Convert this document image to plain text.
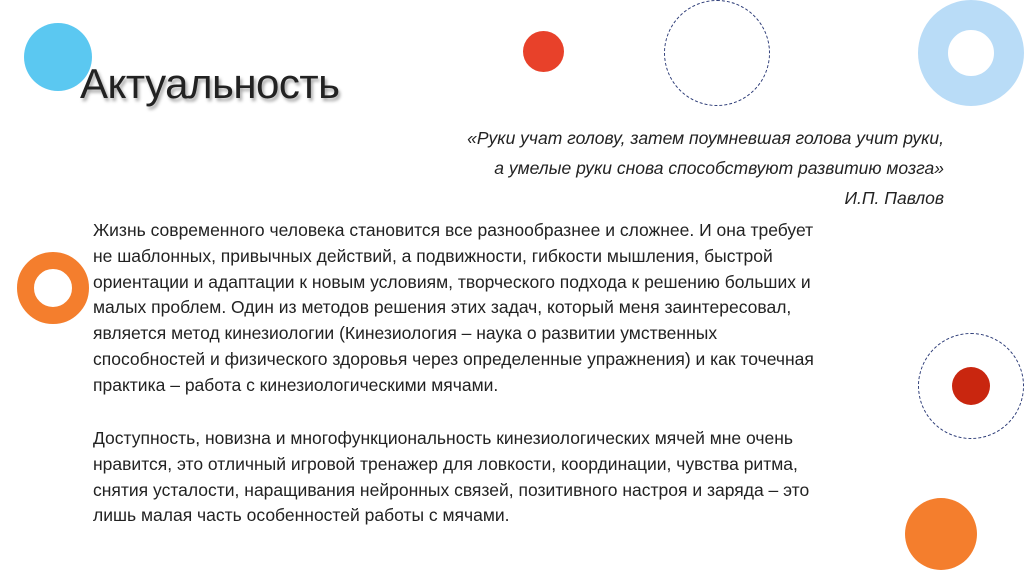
Актуальность
«Руки учат голову, затем поумневшая голова учит руки,
а умелые руки снова способствуют развитию мозга»
И.П. Павлов

Жизнь современного человека становится все разнообразнее и сложнее. И она требует
не шаблонных, привычных действий, а подвижности, гибкости мышления, быстрой
ориентации и адаптации к новым условиям, творческого подхода к решению больших и
малых проблем. Один из методов решения этих задач, который меня заинтересовал,
является метод кинезиологии (Кинезиология – наука о развитии умственных
способностей и физического здоровья через определенные упражнения) и как точечная
практика – работа с кинезиологическими мячами.

Доступность, новизна и многофункциональность кинезиологических мячей мне очень
нравится, это отличный игровой тренажер для ловкости, координации, чувства ритма,
снятия усталости, наращивания нейронных связей, позитивного настроя и заряда – это
лишь малая часть особенностей работы с мячами.
